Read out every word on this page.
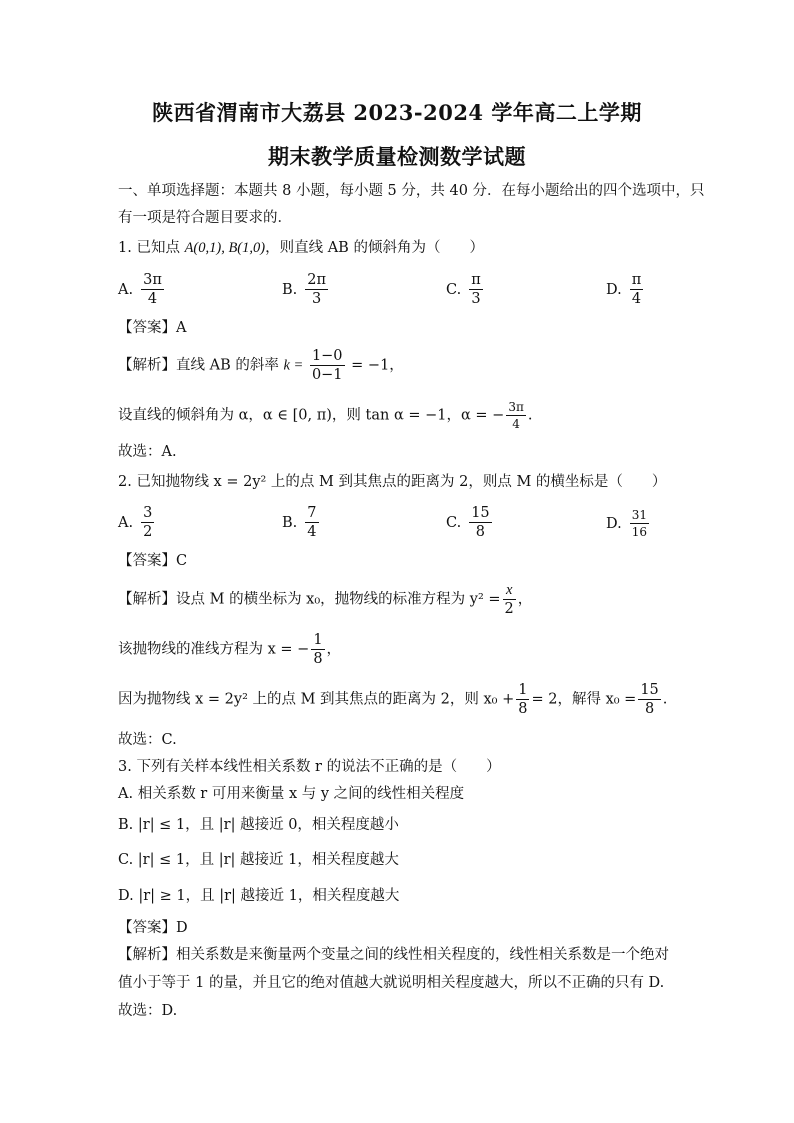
陕西省渭南市大荔县 2023-2024 学年高二上学期
期末教学质量检测数学试题
一、单项选择题：本题共 8 小题，每小题 5 分，共 40 分．在每小题给出的四个选项中，只
有一项是符合题目要求的．
1. 已知点 A(0,1), B(1,0)，则直线 AB 的倾斜角为（　　）
A. $\frac{3\pi}{4}$	B. $\frac{2\pi}{3}$	C. $\frac{\pi}{3}$	D. $\frac{\pi}{4}$
【答案】A
【解析】直线 AB 的斜率 $k = \frac{1-0}{0-1} = -1$，
设直线的倾斜角为 α，α ∈ [0, π)，则 tan α = −1，α = − $\frac{3\pi}{4}$ .
故选：A.
2. 已知抛物线 x = 2y² 上的点 M 到其焦点的距离为 2，则点 M 的横坐标是（　　）
A. $\frac{3}{2}$	B. $\frac{7}{4}$	C. $\frac{15}{8}$	D. $\frac{31}{16}$
【答案】C
【解析】设点 M 的横坐标为 x₀，抛物线的标准方程为 $y^2 = \frac{x}{2}$ ，
该抛物线的准线方程为 x = − $\frac{1}{8}$ ，
因为抛物线 x = 2y² 上的点 M 到其焦点的距离为 2，则 $x_0 + \frac{1}{8} = 2$，解得 $x_0 = \frac{15}{8}$ .
故选：C.
3. 下列有关样本线性相关系数 r 的说法不正确的是（　　）
A. 相关系数 r 可用来衡量 x 与 y 之间的线性相关程度
B. |r| ≤ 1，且 |r| 越接近 0，相关程度越小
C. |r| ≤ 1，且 |r| 越接近 1，相关程度越大
D. |r| ≥ 1，且 |r| 越接近 1，相关程度越大
【答案】D
【解析】相关系数是来衡量两个变量之间的线性相关程度的，线性相关系数是一个绝对值小于等于 1 的量，并且它的绝对值越大就说明相关程度越大，所以不正确的只有 D.
故选：D.
